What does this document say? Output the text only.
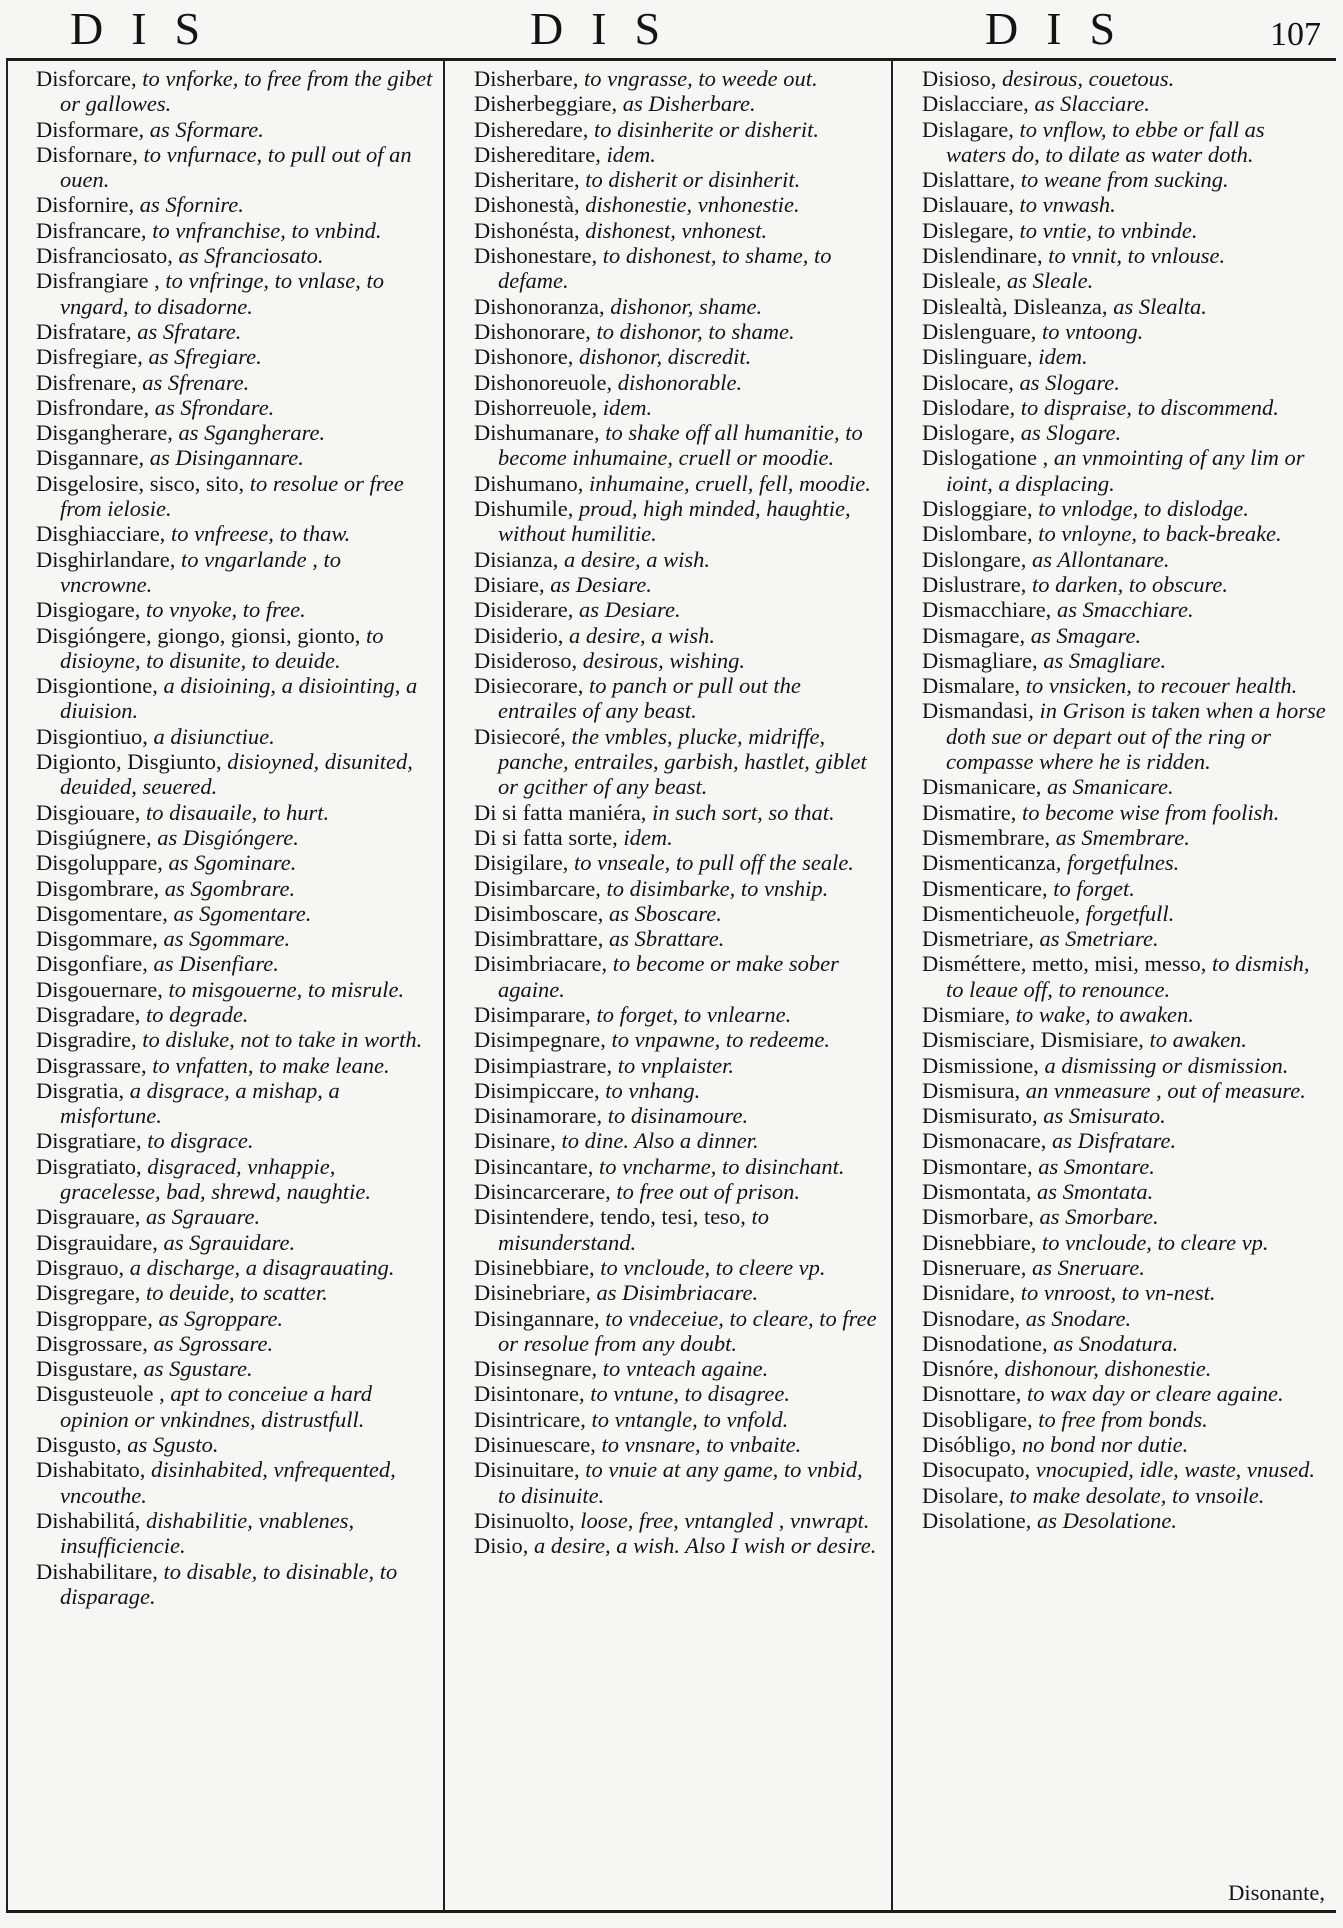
DIS	DIS	DIS	107

Disforcare, to vnforke, to free from the gibet or gallowes.

Disformare, as Sformare.

Disfornare, to vnfurnace, to pull out of an ouen.

Disfornire, as Sfornire.

Disfrancare, to vnfranchise, to vnbind.

Disfranciosato, as Sfranciosato.

Disfrangiare , to vnfringe, to vnlase, to vngard, to disadorne.

Disfratare, as Sfratare.

Disfregiare, as Sfregiare.

Disfrenare, as Sfrenare.

Disfrondare, as Sfrondare.

Disgangherare, as Sgangherare.

Disgannare, as Disingannare.

Disgelosire, sisco, sito, to resolue or free from ielosie.

Disghiacciare, to vnfreese, to thaw.

Disghirlandare, to vngarlande , to vncrowne.

Disgiogare, to vnyoke, to free.

Disgióngere, giongo, gionsi, gionto, to disioyne, to disunite, to deuide.

Disgiontione, a disioining, a disiointing, a diuision.

Disgiontiuo, a disiunctiue.

Digionto, Disgiunto, disioyned, disunited, deuided, seuered.

Disgiouare, to disauaile, to hurt.

Disgiúgnere, as Disgióngere.

Disgoluppare, as Sgominare.

Disgombrare, as Sgombrare.

Disgomentare, as Sgomentare.

Disgommare, as Sgommare.

Disgonfiare, as Disenfiare.

Disgouernare, to misgouerne, to misrule.

Disgradare, to degrade.

Disgradire, to disluke, not to take in worth.

Disgrassare, to vnfatten, to make leane.

Disgratia, a disgrace, a mishap, a misfortune.

Disgratiare, to disgrace.

Disgratiato, disgraced, vnhappie, gracelesse, bad, shrewd, naughtie.

Disgrauare, as Sgrauare.

Disgrauidare, as Sgrauidare.

Disgrauo, a discharge, a disagrauating.

Disgregare, to deuide, to scatter.

Disgroppare, as Sgroppare.

Disgrossare, as Sgrossare.

Disgustare, as Sgustare.

Disgusteuole , apt to conceiue a hard opinion or vnkindnes, distrustfull.

Disgusto, as Sgusto.

Dishabitato, disinhabited, vnfrequented, vncouthe.

Dishabilitá, dishabilitie, vnablenes, insufficiencie.

Dishabilitare, to disable, to disinable, to disparage.

Disherbare, to vngrasse, to weede out.

Disherbeggiare, as Disherbare.

Disheredare, to disinherite or disherit.

Dishereditare, idem.

Disheritare, to disherit or disinherit.

Dishonestà, dishonestie, vnhonestie.

Dishonésta, dishonest, vnhonest.

Dishonestare, to dishonest, to shame, to defame.

Dishonoranza, dishonor, shame.

Dishonorare, to dishonor, to shame.

Dishonore, dishonor, discredit.

Dishonoreuole, dishonorable.

Dishorreuole, idem.

Dishumanare, to shake off all humanitie, to become inhumaine, cruell or moodie.

Dishumano, inhumaine, cruell, fell, moodie.

Dishumile, proud, high minded, haughtie, without humilitie.

Disianza, a desire, a wish.

Disiare, as Desiare.

Disiderare, as Desiare.

Disiderio, a desire, a wish.

Disideroso, desirous, wishing.

Disiecorare, to panch or pull out the entrailes of any beast.

Disiecoré, the vmbles, plucke, midriffe, panche, entrailes, garbish, hastlet, giblet or gcither of any beast.

Di si fatta maniéra, in such sort, so that.

Di si fatta sorte, idem.

Disigilare, to vnseale, to pull off the seale.

Disimbarcare, to disimbarke, to vnship.

Disimboscare, as Sboscare.

Disimbrattare, as Sbrattare.

Disimbriacare, to become or make sober againe.

Disimparare, to forget, to vnlearne.

Disimpegnare, to vnpawne, to redeeme.

Disimpiastrare, to vnplaister.

Disimpiccare, to vnhang.

Disinamorare, to disinamoure.

Disinare, to dine. Also a dinner.

Disincantare, to vncharme, to disinchant.

Disincarcerare, to free out of prison.

Disintendere, tendo, tesi, teso, to misunderstand.

Disinebbiare, to vncloude, to cleere vp.

Disinebriare, as Disimbriacare.

Disingannare, to vndeceiue, to cleare, to free or resolue from any doubt.

Disinsegnare, to vnteach againe.

Disintonare, to vntune, to disagree.

Disintricare, to vntangle, to vnfold.

Disinuescare, to vnsnare, to vnbaite.

Disinuitare, to vnuie at any game, to vnbid, to disinuite.

Disinuolto, loose, free, vntangled , vnwrapt.

Disio, a desire, a wish. Also I wish or desire.

Disioso, desirous, couetous.

Dislacciare, as Slacciare.

Dislagare, to vnflow, to ebbe or fall as waters do, to dilate as water doth.

Dislattare, to weane from sucking.

Dislauare, to vnwash.

Dislegare, to vntie, to vnbinde.

Dislendinare, to vnnit, to vnlouse.

Disleale, as Sleale.

Dislealtà, Disleanza, as Slealta.

Dislenguare, to vntoong.

Dislinguare, idem.

Dislocare, as Slogare.

Dislodare, to dispraise, to discommend.

Dislogare, as Slogare.

Dislogatione , an vnmointing of any lim or ioint, a displacing.

Disloggiare, to vnlodge, to dislodge.

Dislombare, to vnloyne, to back-breake.

Dislongare, as Allontanare.

Dislustrare, to darken, to obscure.

Dismacchiare, as Smacchiare.

Dismagare, as Smagare.

Dismagliare, as Smagliare.

Dismalare, to vnsicken, to recouer health.

Dismandasi, in Grison is taken when a horse doth sue or depart out of the ring or compasse where he is ridden.

Dismanicare, as Smanicare.

Dismatire, to become wise from foolish.

Dismembrare, as Smembrare.

Dismenticanza, forgetfulnes.

Dismenticare, to forget.

Dismenticheuole, forgetfull.

Dismetriare, as Smetriare.

Disméttere, metto, misi, messo, to dismish, to leaue off, to renounce.

Dismiare, to wake, to awaken.

Dismisciare, Dismisiare, to awaken.

Dismissione, a dismissing or dismission.

Dismisura, an vnmeasure , out of measure.

Dismisurato, as Smisurato.

Dismonacare, as Disfratare.

Dismontare, as Smontare.

Dismontata, as Smontata.

Dismorbare, as Smorbare.

Disnebbiare, to vncloude, to cleare vp.

Disneruare, as Sneruare.

Disnidare, to vnroost, to vn-nest.

Disnodare, as Snodare.

Disnodatione, as Snodatura.

Disnóre, dishonour, dishonestie.

Disnottare, to wax day or cleare againe.

Disobligare, to free from bonds.

Disóbligo, no bond nor dutie.

Disocupato, vnocupied, idle, waste, vnused.

Disolare, to make desolate, to vnsoile.

Disolatione, as Desolatione.

Disonante,
